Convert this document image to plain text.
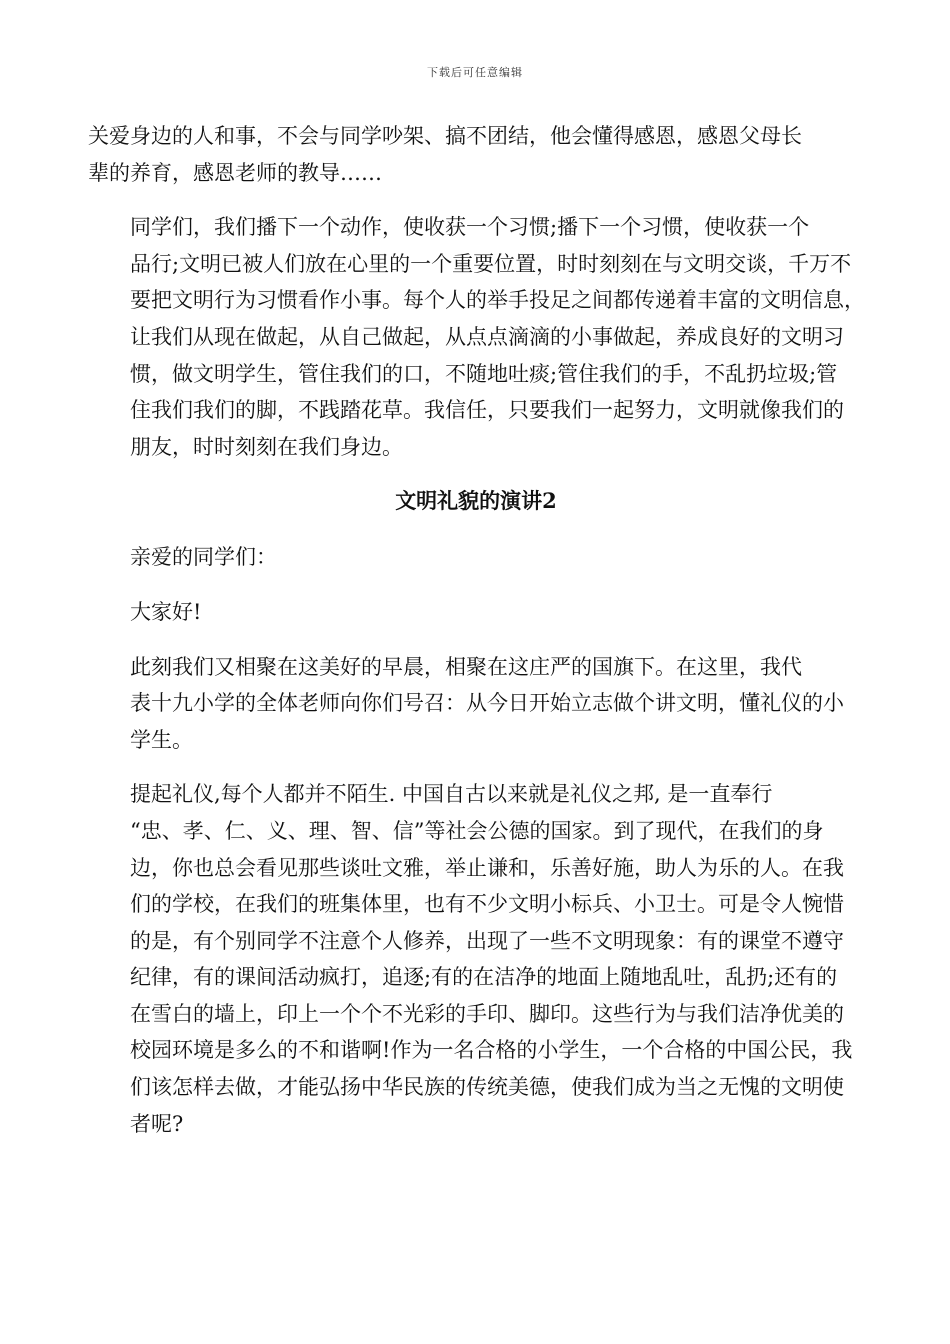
下载后可任意编辑

关爱身边的人和事，不会与同学吵架、搞不团结，他会懂得感恩，感恩父母长
辈的养育，感恩老师的教导……

同学们，我们播下一个动作，使收获一个习惯;播下一个习惯，使收获一个
品行;文明已被人们放在心里的一个重要位置，时时刻刻在与文明交谈，千万不
要把文明行为习惯看作小事。每个人的举手投足之间都传递着丰富的文明信息，
让我们从现在做起，从自己做起，从点点滴滴的小事做起，养成良好的文明习
惯，做文明学生，管住我们的口，不随地吐痰;管住我们的手，不乱扔垃圾;管
住我们我们的脚，不践踏花草。我信任，只要我们一起努力，文明就像我们的
朋友，时时刻刻在我们身边。

文明礼貌的演讲2

亲爱的同学们：

大家好!

此刻我们又相聚在这美好的早晨，相聚在这庄严的国旗下。在这里，我代
表十九小学的全体老师向你们号召：从今日开始立志做个讲文明，懂礼仪的小
学生。

提起礼仪,每个人都并不陌生. 中国自古以来就是礼仪之邦, 是一直奉行
“忠、孝、仁、义、理、智、信”等社会公德的国家。到了现代，在我们的身
边，你也总会看见那些谈吐文雅，举止谦和，乐善好施，助人为乐的人。在我
们的学校，在我们的班集体里，也有不少文明小标兵、小卫士。可是令人惋惜
的是，有个别同学不注意个人修养，出现了一些不文明现象：有的课堂不遵守
纪律，有的课间活动疯打，追逐;有的在洁净的地面上随地乱吐，乱扔;还有的
在雪白的墙上，印上一个个不光彩的手印、脚印。这些行为与我们洁净优美的
校园环境是多么的不和谐啊!作为一名合格的小学生，一个合格的中国公民，我
们该怎样去做，才能弘扬中华民族的传统美德，使我们成为当之无愧的文明使
者呢?
